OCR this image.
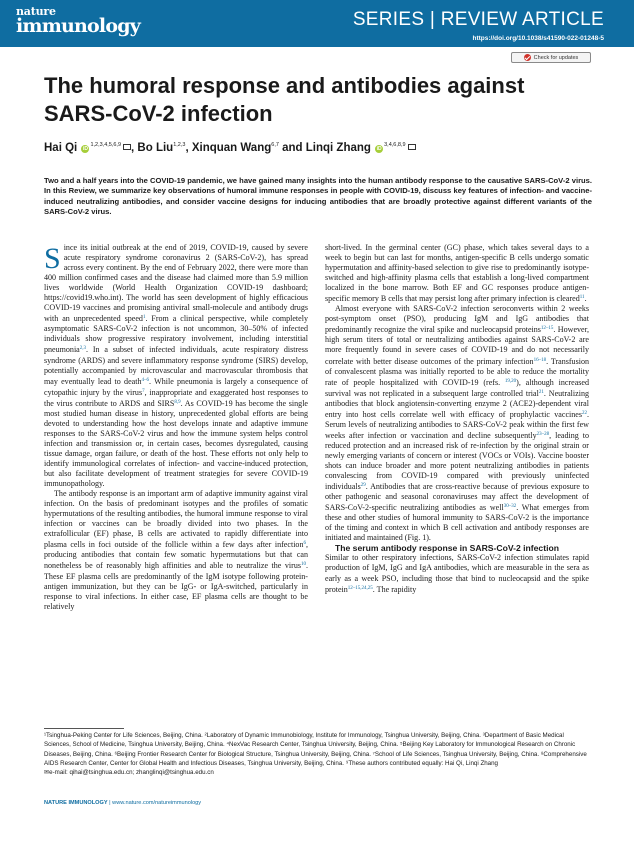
nature
immunology	SERIES | REVIEW ARTICLE
https://doi.org/10.1038/s41590-022-01248-5
Check for updates
The humoral response and antibodies against SARS-CoV-2 infection
Hai Qi iD$^{1,2,3,4,5,6,9}$ , Bo Liu$^{1,2,3}$, Xinquan Wang$^{6,7}$ and Linqi Zhang iD$^{3,4,6,8,9}$

Two and a half years into the COVID-19 pandemic, we have gained many insights into the human antibody response to the causative SARS-CoV-2 virus. In this Review, we summarize key observations of humoral immune responses in people with COVID-19, discuss key features of infection- and vaccine-induced neutralizing antibodies, and consider vaccine designs for inducing antibodies that are broadly protective against different variants of the SARS-CoV-2 virus.

Since its initial outbreak at the end of 2019, COVID-19, caused by severe acute respiratory syndrome coronavirus 2 (SARS-CoV-2), has spread across every continent. By the end of February 2022, there were more than 400 million confirmed cases and the disease had claimed more than 5.9 million lives worldwide (World Health Organization COVID-19 dashboard; https://covid19.who.int). The world has seen development of highly efficacious COVID-19 vaccines and promising antiviral small-molecule and antibody drugs with an unprecedented speed$^1$. From a clinical perspective, while completely asymptomatic SARS-CoV-2 infection is not uncommon, 30–50% of infected individuals show progressive respiratory involvement, including interstitial pneumonia$^{2,3}$. In a subset of infected individuals, acute respiratory distress syndrome (ARDS) and severe inflammatory response syndrome (SIRS) develop, potentially accompanied by microvascular and macrovascular thrombosis that may eventually lead to death$^{4-6}$. While pneumonia is largely a consequence of cytopathic injury by the virus$^7$, inappropriate and exaggerated host responses to the virus contribute to ARDS and SIRS$^{8,9}$. As COVID-19 has become the single most studied human disease in history, unprecedented global efforts are being devoted to understanding how the host develops innate and adaptive immune responses to the SARS-CoV-2 virus and how the immune system helps control infection and transmission or, in certain cases, becomes dysregulated, causing tissue damage, organ failure, or death of the host. These efforts not only help to identify immunological correlates of infection- and vaccine-induced protection, but also facilitate development of treatment strategies for severe COVID-19 immunopathology.

The antibody response is an important arm of adaptive immunity against viral infection. On the basis of predominant isotypes and the profiles of somatic hypermutations of the resulting antibodies, the humoral immune response to viral infection or vaccines can be broadly divided into two phases. In the extrafollicular (EF) phase, B cells are activated to rapidly differentiate into plasma cells in foci outside of the follicle within a few days after infection$^6$, producing antibodies that contain few somatic hypermutations but that can nonetheless be of reasonably high affinities and able to neutralize the virus$^{10}$. These EF plasma cells are predominantly of the IgM isotype following protein-antigen immunization, but they can be IgG- or IgA-switched, particularly in response to viral infections. In either case, EF plasma cells are thought to be relatively

short-lived. In the germinal center (GC) phase, which takes several days to a week to begin but can last for months, antigen-specific B cells undergo somatic hypermutation and affinity-based selection to give rise to predominantly isotype-switched and high-affinity plasma cells that establish a long-lived compartment localized in the bone marrow. Both EF and GC responses produce antigen-specific memory B cells that may persist long after primary infection is cleared$^{11}$.

Almost everyone with SARS-CoV-2 infection seroconverts within 2 weeks post-symptom onset (PSO), producing IgM and IgG antibodies that predominantly recognize the viral spike and nucleocapsid proteins$^{12-15}$. However, high serum titers of total or neutralizing antibodies against SARS-CoV-2 are more frequently found in severe cases of COVID-19 and do not necessarily correlate with better disease outcomes of the primary infection$^{16-18}$. Transfusion of convalescent plasma was initially reported to be able to reduce the mortality rate of people hospitalized with COVID-19 (refs. $^{19,20}$), although increased survival was not replicated in a subsequent large controlled trial$^{21}$. Neutralizing antibodies that block angiotensin-converting enzyme 2 (ACE2)-dependent viral entry into host cells correlate well with efficacy of prophylactic vaccines$^{22}$. Serum levels of neutralizing antibodies to SARS-CoV-2 peak within the first few weeks after infection or vaccination and decline subsequently$^{23-28}$, leading to reduced protection and an increased risk of re-infection by the original strain or newly emerging variants of concern or interest (VOCs or VOIs). Vaccine booster shots can induce broader and more potent neutralizing antibodies in patients convalescing from COVID-19 compared with previously uninfected individuals$^{29}$. Antibodies that are cross-reactive because of previous exposure to other pathogenic and seasonal coronaviruses may affect the development of SARS-CoV-2-specific neutralizing antibodies as well$^{30-32}$. What emerges from these and other studies of humoral immunity to SARS-CoV-2 is the importance of the timing and context in which B cell activation and antibody responses are initiated and maintained (Fig. 1).

The serum antibody response in SARS-CoV-2 infection

Similar to other respiratory infections, SARS-CoV-2 infection stimulates rapid production of IgM, IgG and IgA antibodies, which are measurable in the sera as early as a week PSO, including those that bind to nucleocapsid and the spike protein$^{12-15,24,25}$. The rapidity

¹Tsinghua-Peking Center for Life Sciences, Beijing, China. ²Laboratory of Dynamic Immunobiology, Institute for Immunology, Tsinghua University, Beijing, China. ³Department of Basic Medical Sciences, School of Medicine, Tsinghua University, Beijing, China. ⁴NexVac Research Center, Tsinghua University, Beijing, China. ⁵Beijing Key Laboratory for Immunological Research on Chronic Diseases, Beijing, China. ⁶Beijing Frontier Research Center for Biological Structure, Tsinghua University, Beijing, China. ⁷School of Life Sciences, Tsinghua University, Beijing, China. ⁸Comprehensive AIDS Research Center, Center for Global Health and Infectious Diseases, Tsinghua University, Beijing, China. ⁹These authors contributed equally: Hai Qi, Linqi Zhang
✉e-mail: qihai@tsinghua.edu.cn; zhanglinqi@tsinghua.edu.cn

NATURE IMMUNOLOGY | www.nature.com/natureimmunology
